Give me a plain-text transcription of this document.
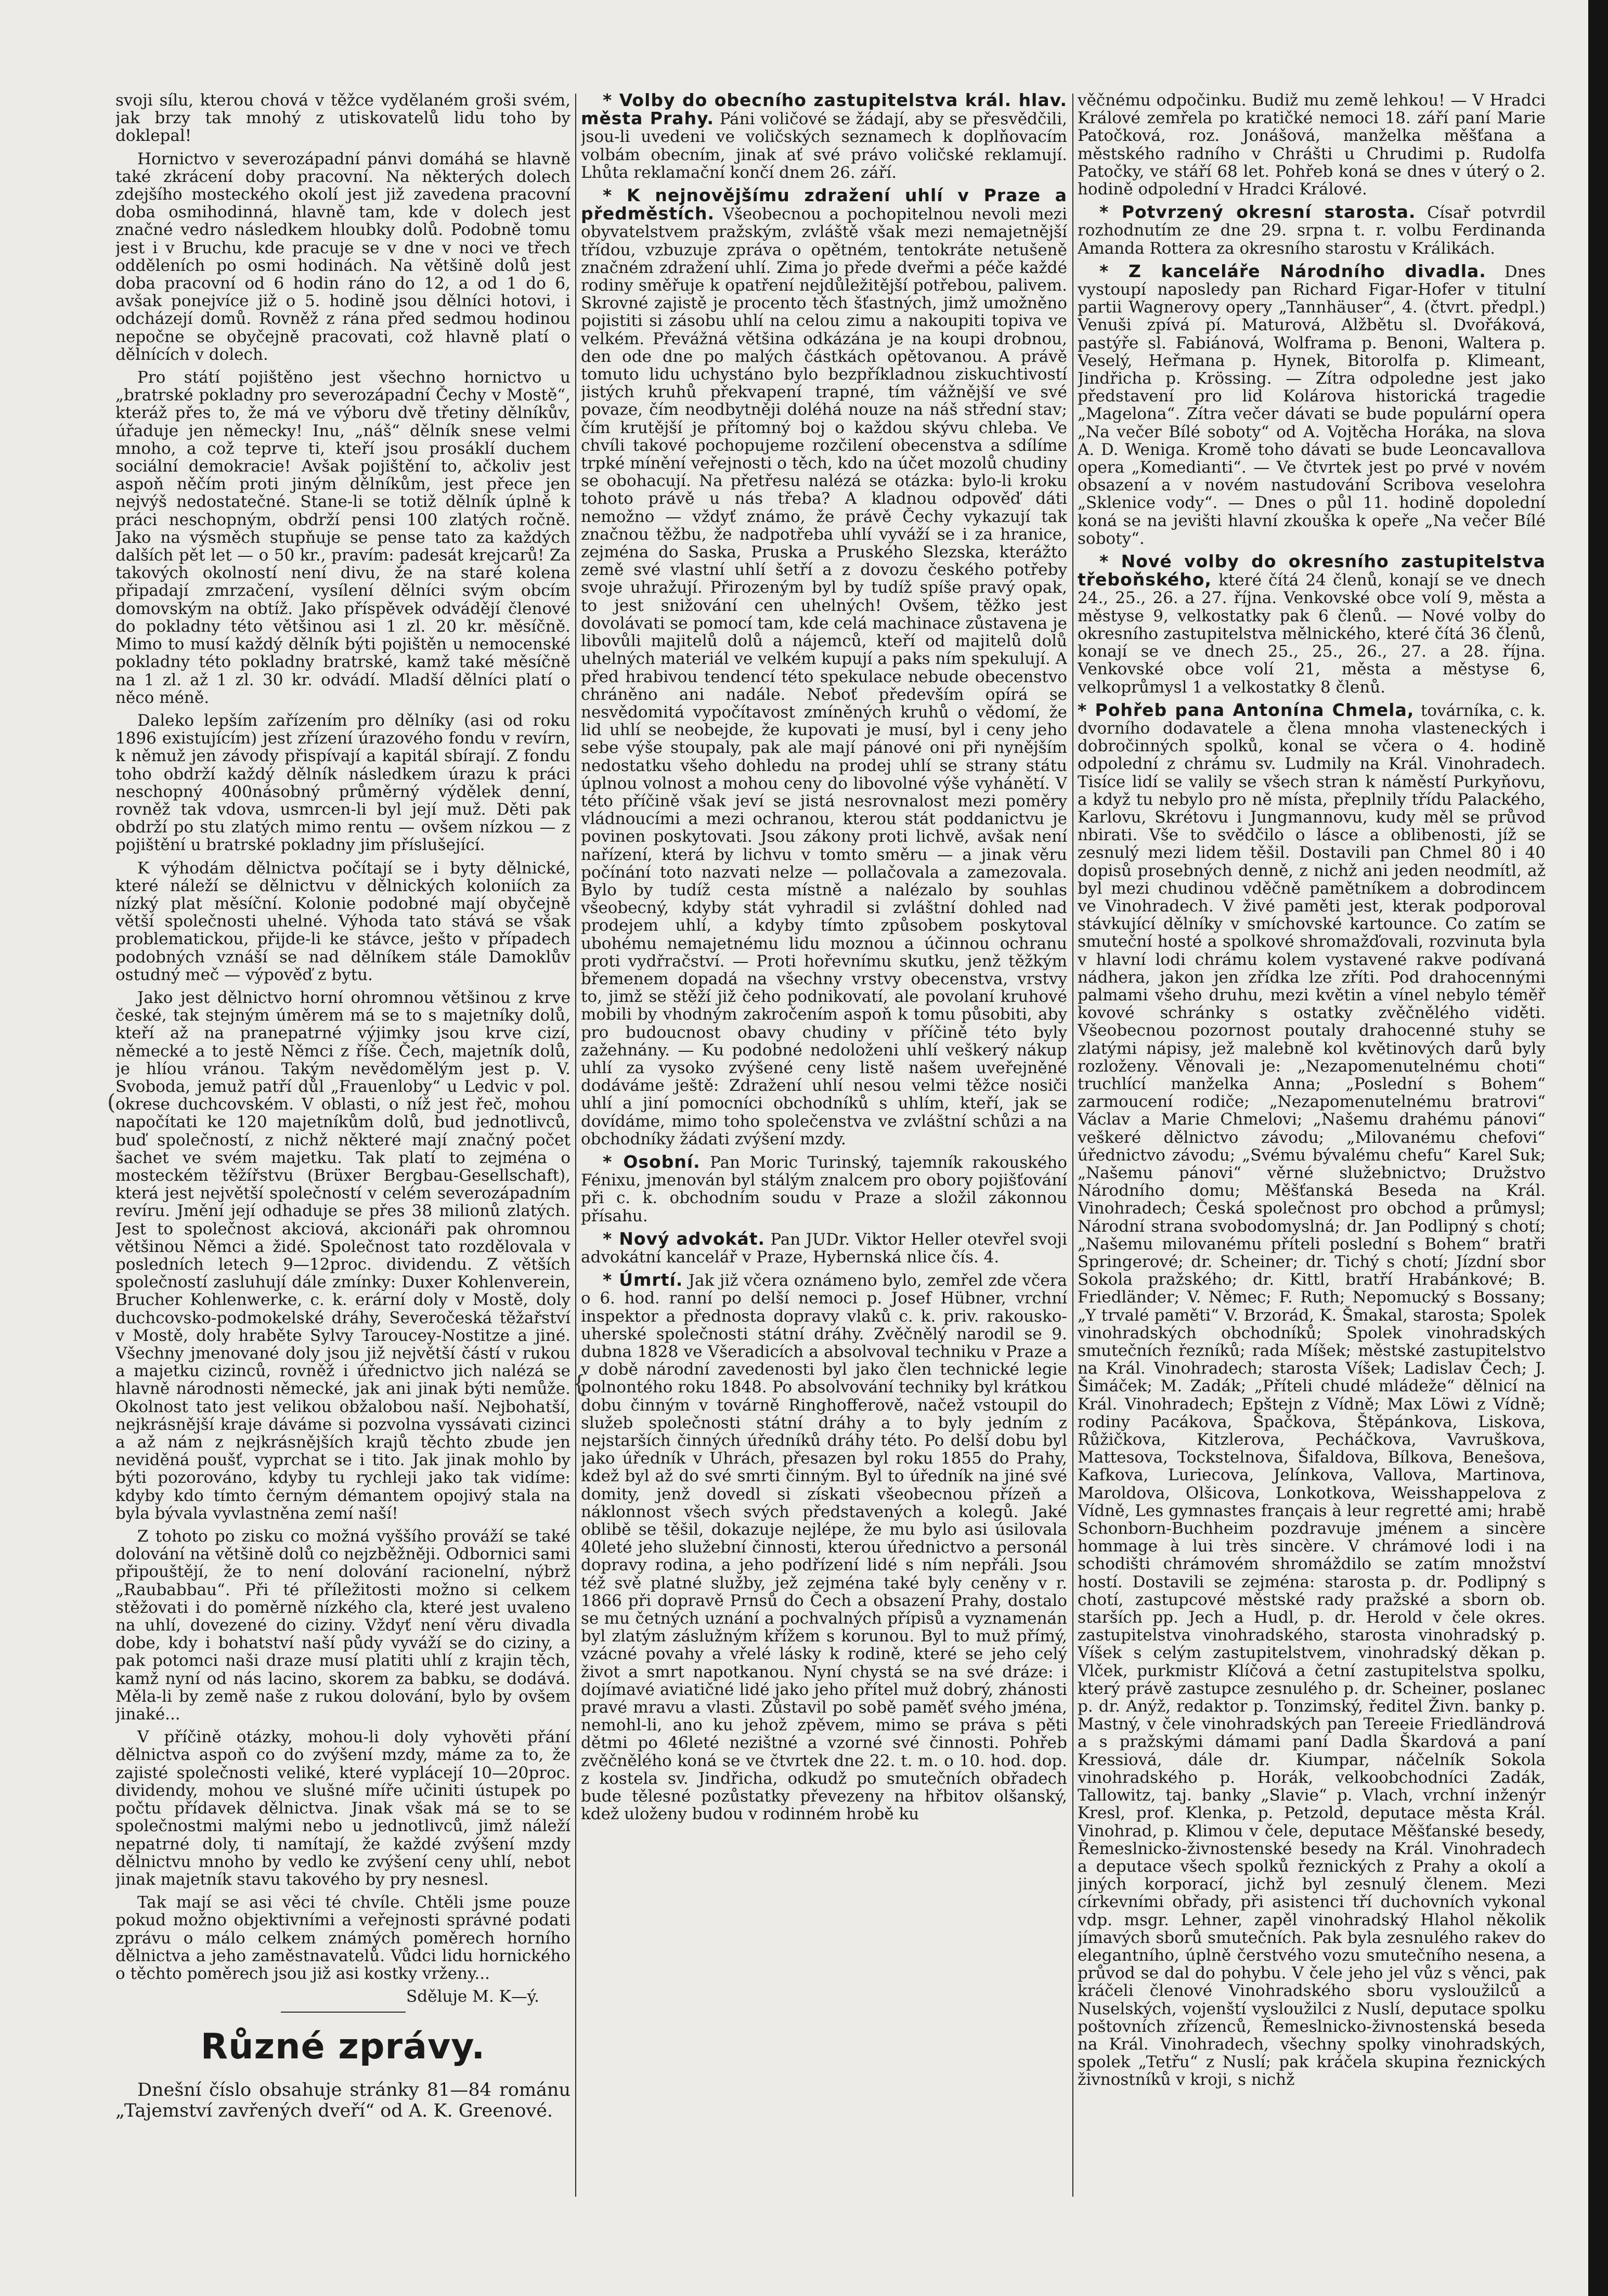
{
(

svoji sílu, kterou chová v těžce vydělaném groši svém, jak brzy tak mnohý z utiskovatelů lidu toho by doklepal!

Hornictvo v severozápadní pánvi domáhá se hlavně také zkrácení doby pracovní. Na některých dolech zdejšího mosteckého okolí jest již zavedena pracovní doba osmihodinná, hlavně tam, kde v dolech jest značné vedro následkem hloubky dolů. Podobně tomu jest i v Bruchu, kde pracuje se v dne v noci ve třech odděleních po osmi hodinách. Na většině dolů jest doba pracovní od 6 hodin ráno do 12, a od 1 do 6, avšak ponejvíce již o 5. hodině jsou dělníci hotovi, i odcházejí domů. Rovněž z rána před sedmou hodinou nepočne se obyčejně pracovati, což hlavně platí o dělnících v dolech.

Pro státí pojištěno jest všechno hornictvo u „bratrské pokladny pro severozápadní Čechy v Mostě“, kteráž přes to, že má ve výboru dvě třetiny dělníkův, úřaduje jen německy! Inu, „náš“ dělník snese velmi mnoho, a což teprve ti, kteří jsou prosáklí duchem sociální demokracie! Avšak pojištění to, ačkoliv jest aspoň něčím proti jiným dělníkům, jest přece jen nejvýš nedostatečné. Stane-li se totiž dělník úplně k práci neschopným, obdrží pensi 100 zlatých ročně. Jako na výsměch stupňuje se pense tato za každých dalších pět let — o 50 kr., pravím: padesát krejcarů! Za takových okolností není divu, že na staré kolena připadají zmrzačení, vysílení dělníci svým obcím domovským na obtíž. Jako příspěvek odvádějí členové do pokladny této většinou asi 1 zl. 20 kr. měsíčně. Mimo to musí každý dělník býti pojištěn u nemocenské pokladny této pokladny bratrské, kamž také měsíčně na 1 zl. až 1 zl. 30 kr. odvádí. Mladší dělníci platí o něco méně.

Daleko lepším zařízením pro dělníky (asi od roku 1896 existujícím) jest zřízení úrazového fondu v revírn, k němuž jen závody přispívají a kapitál sbírají. Z fondu toho obdrží každý dělník následkem úrazu k práci neschopný 400násobný průměrný výdělek denní, rovněž tak vdova, usmrcen-li byl její muž. Děti pak obdrží po stu zlatých mimo rentu — ovšem nízkou — z pojištění u bratrské pokladny jim příslušející.

K výhodám dělnictva počítají se i byty dělnické, které náleží se dělnictvu v dělnických koloniích za nízký plat měsíční. Kolonie podobné mají obyčejně větší společnosti uhelné. Výhoda tato stává se však problematickou, přijde-li ke stávce, ješto v případech podobných vznáší se nad dělníkem stále Damoklův ostudný meč — výpověď z bytu.

Jako jest dělnictvo horní ohromnou většinou z krve české, tak stejným úměrem má se to s majetníky dolů, kteří až na pranepatrné výjimky jsou krve cizí, německé a to jestě Němci z říše. Čech, majetník dolů, je hlíou vránou. Takým nevědomělým jest p. V. Svoboda, jemuž patří důl „Frauenloby“ u Ledvic v pol. okrese duchcovském. V oblasti, o níž jest řeč, mohou napočítati ke 120 majetníkům dolů, bud jednotlivců, buď společností, z nichž některé mají značný počet šachet ve svém majetku. Tak platí to zejména o mosteckém těžířstvu (Brüxer Bergbau-Gesellschaft), která jest největší společností v celém severozápadním revíru. Jmění její odhaduje se přes 38 milionů zlatých. Jest to společnost akciová, akcionáři pak ohromnou většinou Němci a židé. Společnost tato rozdělovala v posledních letech 9—12proc. dividendu. Z větších společností zasluhují dále zmínky: Duxer Kohlenverein, Brucher Kohlenwerke, c. k. erární doly v Mostě, doly duchcovsko-podmokelské dráhy, Severočeská těžařství v Mostě, doly hraběte Sylvy Taroucey-Nostitze a jiné. Všechny jmenované doly jsou již největší částí v rukou a majetku cizinců, rovněž i úřednictvo jich nalézá se hlavně národnosti německé, jak ani jinak býti nemůže. Okolnost tato jest velikou obžalobou naší. Nejbohatší, nejkrásnější kraje dáváme si pozvolna vyssávati cizinci a až nám z nejkrásnějších krajů těchto zbude jen neviděná poušť, vyprchat se i tito. Jak jinak mohlo by býti pozorováno, kdyby tu rychleji jako tak vidíme: kdyby kdo tímto černým démantem opojivý stala na byla bývala vyvlastněna zemí naší!

Z tohoto po zisku co možná vyššího prováží se také dolování na většině dolů co nejzběžněji. Odbornici sami připouštějí, že to není dolování racionelní, nýbrž „Raubabbau“. Při té příležitosti možno si celkem stěžovati i do poměrně nízkého cla, které jest uvaleno na uhlí, dovezené do ciziny. Vždyť není věru divadla dobe, kdy i bohatství naší půdy vyváží se do ciziny, a pak potomci naši draze musí platiti uhlí z krajin těch, kamž nyní od nás lacino, skorem za babku, se dodává. Měla-li by země naše z rukou dolování, bylo by ovšem jinaké...

V příčině otázky, mohou-li doly vyhověti přání dělnictva aspoň co do zvýšení mzdy, máme za to, že zajisté společnosti veliké, které vyplácejí 10—20proc. dividendy, mohou ve slušné míře učiniti ústupek po počtu přídavek dělnictva. Jinak však má se to se společnostmi malými nebo u jednotlivců, jimž náleží nepatrné doly, ti namítají, že každé zvýšení mzdy dělnictvu mnoho by vedlo ke zvýšení ceny uhlí, nebot jinak majetník stavu takového by pry nesnesl.

Tak mají se asi věci té chvíle. Chtěli jsme pouze pokud možno objektivními a veřejnosti správné podati zprávu o málo celkem známých poměrech horního dělnictva a jeho zaměstnavatelů. Vůdci lidu hornického o těchto poměrech jsou již asi kostky vrženy...

Sděluje M. K—ý.

Různé zprávy.

Dnešní číslo obsahuje stránky 81—84 románu „Tajemství zavřených dveří“ od A. K. Greenové.

* Volby do obecního zastupitelstva král. hlav. města Prahy. Páni voličové se žádají, aby se přesvědčili, jsou-li uvedeni ve voličských seznamech k doplňovacím volbám obecním, jinak ať své právo voličské reklamují. Lhůta reklamační končí dnem 26. září.

* K nejnovějšímu zdražení uhlí v Praze a předměstích. Všeobecnou a pochopitelnou nevoli mezi obyvatelstvem pražským, zvláště však mezi nemajetnější třídou, vzbuzuje zpráva o opětném, tentokráte netušeně značném zdražení uhlí. Zima jo přede dveřmi a péče každé rodiny směřuje k opatření nejdůležitější potřebou, palivem. Skrovné zajistě je procento těch šťastných, jimž umožněno pojistiti si zásobu uhlí na celou zimu a nakoupiti topiva ve velkém. Převážná většina odkázána je na koupi drobnou, den ode dne po malých částkách opětovanou. A právě tomuto lidu uchystáno bylo bezpříkladnou ziskuchtivostí jistých kruhů překvapení trapné, tím vážnější ve své povaze, čím neodbytněji doléhá nouze na náš střední stav; čím krutější je přítomný boj o každou skývu chleba. Ve chvíli takové pochopujeme rozčilení obecenstva a sdílíme trpké mínění veřejnosti o těch, kdo na účet mozolů chudiny se obohacují. Na přetřesu nalézá se otázka: bylo-li kroku tohoto právě u nás třeba? A kladnou odpověď dáti nemožno — vždyť známo, že právě Čechy vykazují tak značnou těžbu, že nadpotřeba uhlí vyváží se i za hranice, zejména do Saska, Pruska a Pruského Slezska, kterážto země své vlastní uhlí šetří a z dovozu českého potřeby svoje uhražují. Přirozeným byl by tudíž spíše pravý opak, to jest snižování cen uhelných! Ovšem, těžko jest dovolávati se pomocí tam, kde celá machinace zůstavena je libovůli majitelů dolů a nájemců, kteří od majitelů dolů uhelných materiál ve velkém kupují a paks ním spekulují. A před hrabivou tendencí této spekulace nebude obecenstvo chráněno ani nadále. Neboť především opírá se nesvědomitá vypočítavost zmíněných kruhů o vědomí, že lid uhlí se neobejde, že kupovati je musí, byl i ceny jeho sebe výše stoupaly, pak ale mají pánové oni při nynějším nedostatku všeho dohledu na prodej uhlí se strany státu úplnou volnost a mohou ceny do libovolné výše vyhánětí. V této příčině však jeví se jistá nesrovnalost mezi poměry vládnoucími a mezi ochranou, kterou stát poddanictvu je povinen poskytovati. Jsou zákony proti lichvě, avšak není nařízení, která by lichvu v tomto směru — a jinak věru počínání toto nazvati nelze — pollačovala a zamezovala. Bylo by tudíž cesta místně a nalézalo by souhlas všeobecný, kdyby stát vyhradil si zvláštní dohled nad prodejem uhlí, a kdyby tímto způsobem poskytoval ubohému nemajetnému lidu moznou a účinnou ochranu proti vydřračství. — Proti hořevnímu skutku, jenž těžkým břemenem dopadá na všechny vrstvy obecenstva, vrstvy to, jimž se stěží již čeho podnikovatí, ale povolaní kruhové mobili by vhodným zakročením aspoň k tomu působiti, aby pro budoucnost obavy chudiny v příčině této byly zažehnány. — Ku podobné nedoloženi uhlí veškerý nákup uhlí za vysoko zvýšené ceny listě našem uveřejněné dodáváme ještě: Zdražení uhlí nesou velmi těžce nosiči uhlí a jiní pomocníci obchodníků s uhlím, kteří, jak se dovídáme, mimo toho společenstva ve zvláštní schůzi a na obchodníky žádati zvýšení mzdy.

* Osobní. Pan Moric Turinský, tajemník rakouského Fénixu, jmenován byl stálým znalcem pro obory pojišťování při c. k. obchodním soudu v Praze a složil zákonnou přísahu.

* Nový advokát. Pan JUDr. Viktor Heller otevřel svoji advokátní kancelář v Praze, Hybernská nlice čís. 4.

* Úmrtí. Jak již včera oznámeno bylo, zemřel zde včera o 6. hod. ranní po delší nemoci p. Josef Hübner, vrchní inspektor a přednosta dopravy vlaků c. k. priv. rakousko-uherské společnosti státní dráhy. Zvěčnělý narodil se 9. dubna 1828 ve Všeradicích a absolvoval techniku v Praze a v době národní zavedenosti byl jako člen technické legie polnontého roku 1848. Po absolvování techniky byl krátkou dobu činným v továrně Ringhofferově, načež vstoupil do služeb společnosti státní dráhy a to byly jedním z nejstarších činných úředníků dráhy této. Po delší dobu byl jako úředník v Uhrách, přesazen byl roku 1855 do Prahy, kdež byl až do své smrti činným. Byl to úředník na jiné své domity, jenž dovedl si získati všeobecnou přízeň a náklonnost všech svých představených a kolegů. Jaké oblibě se těšil, dokazuje nejlépe, že mu bylo asi úsilovala 40leté jeho služební činnosti, kterou úřednictvo a personál dopravy rodina, a jeho podřízení lidé s ním nepřáli. Jsou též svě platné služby, jež zejména také byly ceněny v r. 1866 při dopravě Prnsů do Čech a obsazení Prahy, dostalo se mu četných uznání a pochvalných přípisů a vyznamenán byl zlatým záslužným křížem s korunou. Byl to muž přímý, vzácné povahy a vřelé lásky k rodině, které se jeho celý život a smrt napotkanou. Nyní chystá se na své dráze: i dojímavé aviatičné lidé jako jeho přítel muž dobrý, zhánosti pravé mravu a vlasti. Zůstavil po sobě paměť svého jména, nemohl-li, ano ku jehož zpěvem, mimo se práva s pěti dětmi po 46leté nezištné a vzorné své činnosti. Pohřeb zvěčnělého koná se ve čtvrtek dne 22. t. m. o 10. hod. dop. z kostela sv. Jindřicha, odkudž po smutečních obřadech bude tělesné pozůstatky převezeny na hřbitov olšanský, kdež uloženy budou v rodinném hrobě ku

věčnému odpočinku. Budiž mu země lehkou! — V Hradci Králové zemřela po kratičké nemoci 18. září paní Marie Patočková, roz. Jonášová, manželka měšťana a městského radního v Chrášti u Chrudimi p. Rudolfa Patočky, ve stáří 68 let. Pohřeb koná se dnes v úterý o 2. hodině odpolední v Hradci Králové.

* Potvrzený okresní starosta. Císař potvrdil rozhodnutím ze dne 29. srpna t. r. volbu Ferdinanda Amanda Rottera za okresního starostu v Králikách.

* Z kanceláře Národního divadla. Dnes vystoupí naposledy pan Richard Figar-Hofer v titulní partii Wagnerovy opery „Tannhäuser“, 4. (čtvrt. předpl.) Venuši zpívá pí. Maturová, Alžbětu sl. Dvořáková, pastýře sl. Fabiánová, Wolframa p. Benoni, Waltera p. Veselý, Heřmana p. Hynek, Bitorolfa p. Klimeant, Jindřicha p. Krössing. — Zítra odpoledne jest jako představení pro lid Kolárova historická tragedie „Magelona“. Zítra večer dávati se bude populární opera „Na večer Bílé soboty“ od A. Vojtěcha Horáka, na slova A. D. Weniga. Kromě toho dávati se bude Leoncavallova opera „Komedianti“. — Ve čtvrtek jest po prvé v novém obsazení a v novém nastudování Scribova veselohra „Sklenice vody“. — Dnes o půl 11. hodině dopolední koná se na jevišti hlavní zkouška k opeře „Na večer Bílé soboty“.

* Nové volby do okresního zastupitelstva třeboňského, které čítá 24 členů, konají se ve dnech 24., 25., 26. a 27. října. Venkovské obce volí 9, města a městyse 9, velkostatky pak 6 členů. — Nové volby do okresního zastupitelstva mělnického, které čítá 36 členů, konají se ve dnech 25., 25., 26., 27. a 28. října. Venkovské obce volí 21, města a městyse 6, velkoprůmysl 1 a velkostatky 8 členů.

* Pohřeb pana Antonína Chmela, továrníka, c. k. dvorního dodavatele a člena mnoha vlasteneckých i dobročinných spolků, konal se včera o 4. hodině odpolední z chrámu sv. Ludmily na Král. Vinohradech. Tisíce lidí se valily se všech stran k náměstí Purkyňovu, a když tu nebylo pro ně místa, přeplnily třídu Palackého, Karlovu, Skrétovu i Jungmannovu, kudy měl se průvod nbirati. Vše to svědčilo o lásce a oblibenosti, jíž se zesnulý mezi lidem těšil. Dostavili pan Chmel 80 i 40 dopisů prosebných denně, z nichž ani jeden neodmítl, až byl mezi chudinou vděčně pamětníkem a dobrodincem ve Vinohradech. V živé paměti jest, kterak podporoval stávkující dělníky v smíchovské kartounce. Co zatím se smuteční hosté a spolkové shromažďovali, rozvinuta byla v hlavní lodi chrámu kolem vystavené rakve podívaná nádhera, jakon jen zřídka lze zříti. Pod drahocennými palmami všeho druhu, mezi květin a vínel nebylo téměř kovové schránky s ostatky zvěčnělého viděti. Všeobecnou pozornost poutaly drahocenné stuhy se zlatými nápisy, jež malebně kol květinových darů byly rozloženy. Věnovali je: „Nezapomenutelnému choti“ truchlící manželka Anna; „Poslední s Bohem“ zarmoucení rodiče; „Nezapomenutelnému bratrovi“ Václav a Marie Chmelovi; „Našemu drahému pánovi“ veškeré dělnictvo závodu; „Milovanému chefovi“ úřednictvo závodu; „Svému bývalému chefu“ Karel Suk; „Našemu pánovi“ věrné služebnictvo; Družstvo Národního domu; Měšťanská Beseda na Král. Vinohradech; Česká společnost pro obchod a průmysl; Národní strana svobodomyslná; dr. Jan Podlipný s chotí; „Našemu milovanému příteli poslední s Bohem“ bratři Springerové; dr. Scheiner; dr. Tichý s chotí; Jízdní sbor Sokola pražského; dr. Kittl, bratří Hrabánkové; B. Friedländer; V. Němec; F. Ruth; Nepomucký s Bossany; „Y trvalé paměti“ V. Brzorád, K. Šmakal, starosta; Spolek vinohradských obchodníků; Spolek vinohradských smutečních řezníků; rada Míšek; městské zastupitelstvo na Král. Vinohradech; starosta Víšek; Ladislav Čech; J. Šimáček; M. Zadák; „Příteli chudé mládeže“ dělnicí na Král. Vinohradech; Epštejn z Vídně; Max Löwi z Vídně; rodiny Pacákova, Špačkova, Štěpánkova, Liskova, Růžičkova, Kitzlerova, Pecháčkova, Vavruškova, Mattesova, Tockstelnova, Šifaldova, Bílkova, Benešova, Kafkova, Luriecova, Jelínkova, Vallova, Martinova, Maroldova, Olšicova, Lonkotkova, Weisshappelova z Vídně, Les gymnastes français à leur regretté ami; hrabě Schonborn-Buchheim pozdravuje jménem a sincère hommage à lui très sincère. V chrámové lodi i na schodišti chrámovém shromáždilo se zatím množství hostí. Dostavili se zejména: starosta p. dr. Podlipný s chotí, zastupcové městské rady pražské a sborn ob. starších pp. Jech a Hudl, p. dr. Herold v čele okres. zastupitelstva vinohradského, starosta vinohradský p. Víšek s celým zastupitelstvem, vinohradský děkan p. Vlček, purkmistr Klíčová a četní zastupitelstva spolku, který právě zastupce zesnulého p. dr. Scheiner, poslanec p. dr. Anýž, redaktor p. Tonzimský, ředitel Živn. banky p. Mastný, v čele vinohradských pan Tereeie Friedländrová a s pražskými dámami paní Dadla Škardová a paní Kressiová, dále dr. Kiumpar, náčelník Sokola vinohradského p. Horák, velkoobchodníci Zadák, Tallowitz, taj. banky „Slavie“ p. Vlach, vrchní inženýr Kresl, prof. Klenka, p. Petzold, deputace města Král. Vinohrad, p. Klimou v čele, deputace Měšťanské besedy, Řemeslnicko-živnostenské besedy na Král. Vinohradech a deputace všech spolků řeznických z Prahy a okolí a jiných korporací, jichž byl zesnulý členem. Mezi církevními obřady, při asistenci tří duchovních vykonal vdp. msgr. Lehner, zapěl vinohradský Hlahol několik jímavých sborů smutečních. Pak byla zesnulého rakev do elegantního, úplně čerstvého vozu smutečního nesena, a průvod se dal do pohybu. V čele jeho jel vůz s věnci, pak kráčeli členové Vinohradského sboru vysloužilců a Nuselských, vojenští vysloužilci z Nuslí, deputace spolku poštovních zřízenců, Řemeslnicko-živnostenská beseda na Král. Vinohradech, všechny spolky vinohradských, spolek „Tetřu“ z Nuslí; pak kráčela skupina řeznických živnostníků v kroji, s nichž
